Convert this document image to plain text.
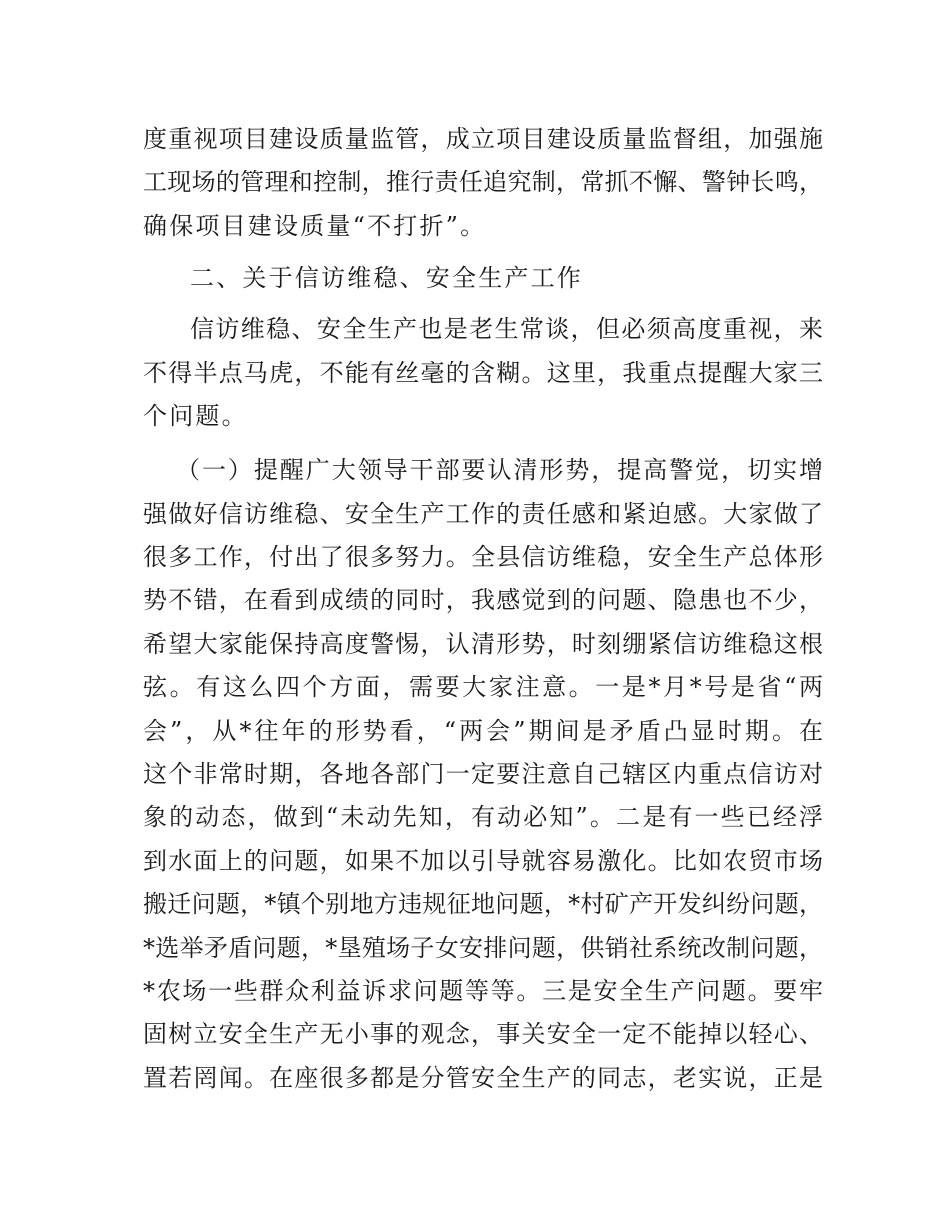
度重视项目建设质量监管，成立项目建设质量监督组，加强施
工现场的管理和控制，推行责任追究制，常抓不懈、警钟长鸣，
确保项目建设质量“不打折”。
二、关于信访维稳、安全生产工作
信访维稳、安全生产也是老生常谈，但必须高度重视，来
不得半点马虎，不能有丝毫的含糊。这里，我重点提醒大家三
个问题。
（一）提醒广大领导干部要认清形势，提高警觉，切实增
强做好信访维稳、安全生产工作的责任感和紧迫感。大家做了
很多工作，付出了很多努力。全县信访维稳，安全生产总体形
势不错，在看到成绩的同时，我感觉到的问题、隐患也不少，
希望大家能保持高度警惕，认清形势，时刻绷紧信访维稳这根
弦。有这么四个方面，需要大家注意。一是*月*号是省“两
会”，从*往年的形势看，“两会”期间是矛盾凸显时期。在
这个非常时期，各地各部门一定要注意自己辖区内重点信访对
象的动态，做到“未动先知，有动必知”。二是有一些已经浮
到水面上的问题，如果不加以引导就容易激化。比如农贸市场
搬迁问题，*镇个别地方违规征地问题，*村矿产开发纠纷问题，
*选举矛盾问题，*垦殖场子女安排问题，供销社系统改制问题，
*农场一些群众利益诉求问题等等。三是安全生产问题。要牢
固树立安全生产无小事的观念，事关安全一定不能掉以轻心、
置若罔闻。在座很多都是分管安全生产的同志，老实说，正是
